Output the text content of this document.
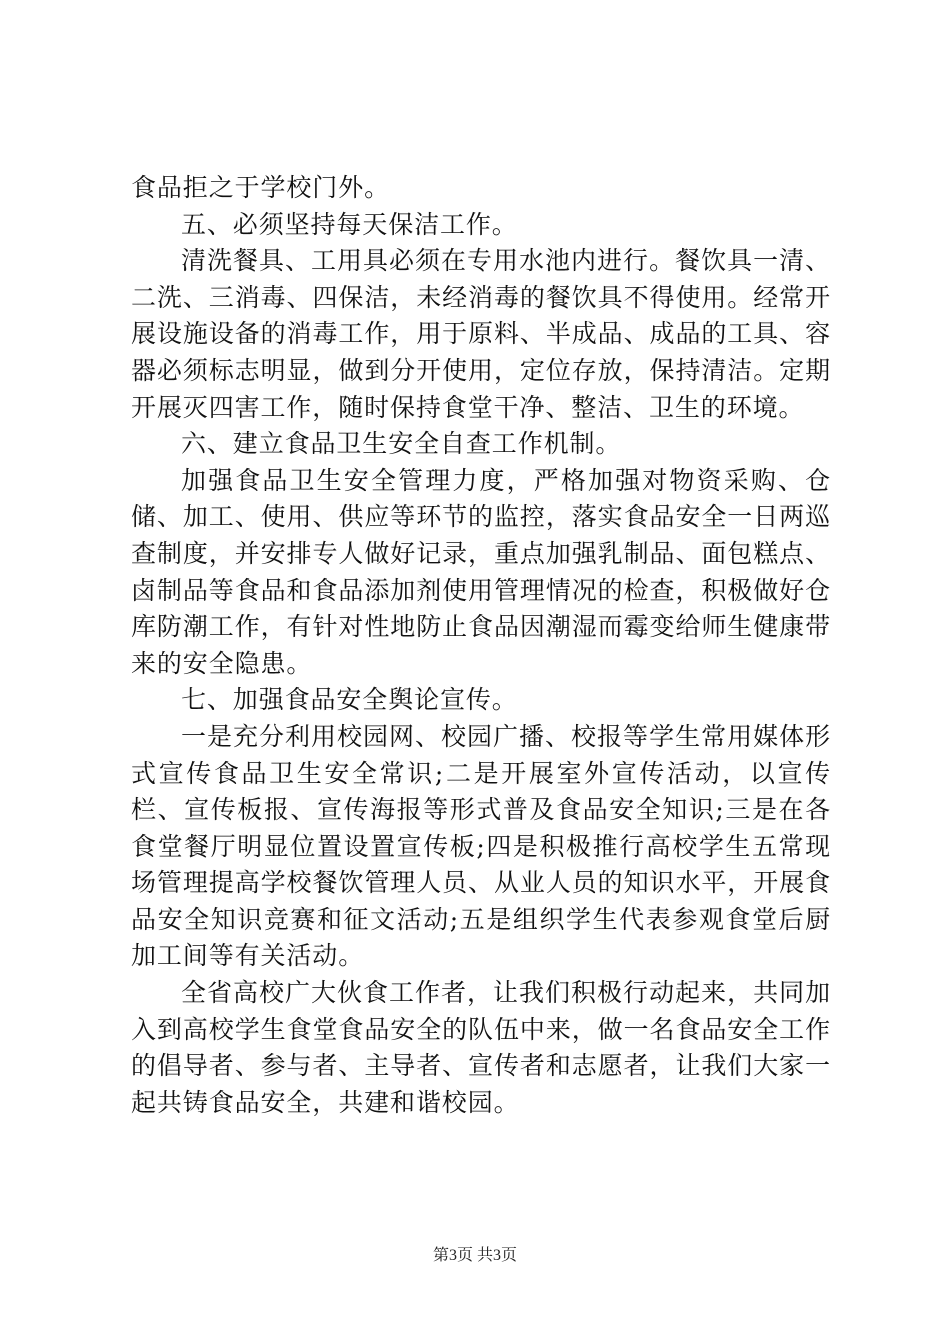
食品拒之于学校门外。

五、必须坚持每天保洁工作。

清洗餐具、工用具必须在专用水池内进行。餐饮具一清、二洗、三消毒、四保洁，未经消毒的餐饮具不得使用。经常开展设施设备的消毒工作，用于原料、半成品、成品的工具、容器必须标志明显，做到分开使用，定位存放，保持清洁。定期开展灭四害工作，随时保持食堂干净、整洁、卫生的环境。

六、建立食品卫生安全自查工作机制。

加强食品卫生安全管理力度，严格加强对物资采购、仓储、加工、使用、供应等环节的监控，落实食品安全一日两巡查制度，并安排专人做好记录，重点加强乳制品、面包糕点、卤制品等食品和食品添加剂使用管理情况的检查，积极做好仓库防潮工作，有针对性地防止食品因潮湿而霉变给师生健康带来的安全隐患。

七、加强食品安全舆论宣传。

一是充分利用校园网、校园广播、校报等学生常用媒体形式宣传食品卫生安全常识;二是开展室外宣传活动，以宣传栏、宣传板报、宣传海报等形式普及食品安全知识;三是在各食堂餐厅明显位置设置宣传板;四是积极推行高校学生五常现场管理提高学校餐饮管理人员、从业人员的知识水平，开展食品安全知识竞赛和征文活动;五是组织学生代表参观食堂后厨加工间等有关活动。

全省高校广大伙食工作者，让我们积极行动起来，共同加入到高校学生食堂食品安全的队伍中来，做一名食品安全工作的倡导者、参与者、主导者、宣传者和志愿者，让我们大家一起共铸食品安全，共建和谐校园。

第3页 共3页
